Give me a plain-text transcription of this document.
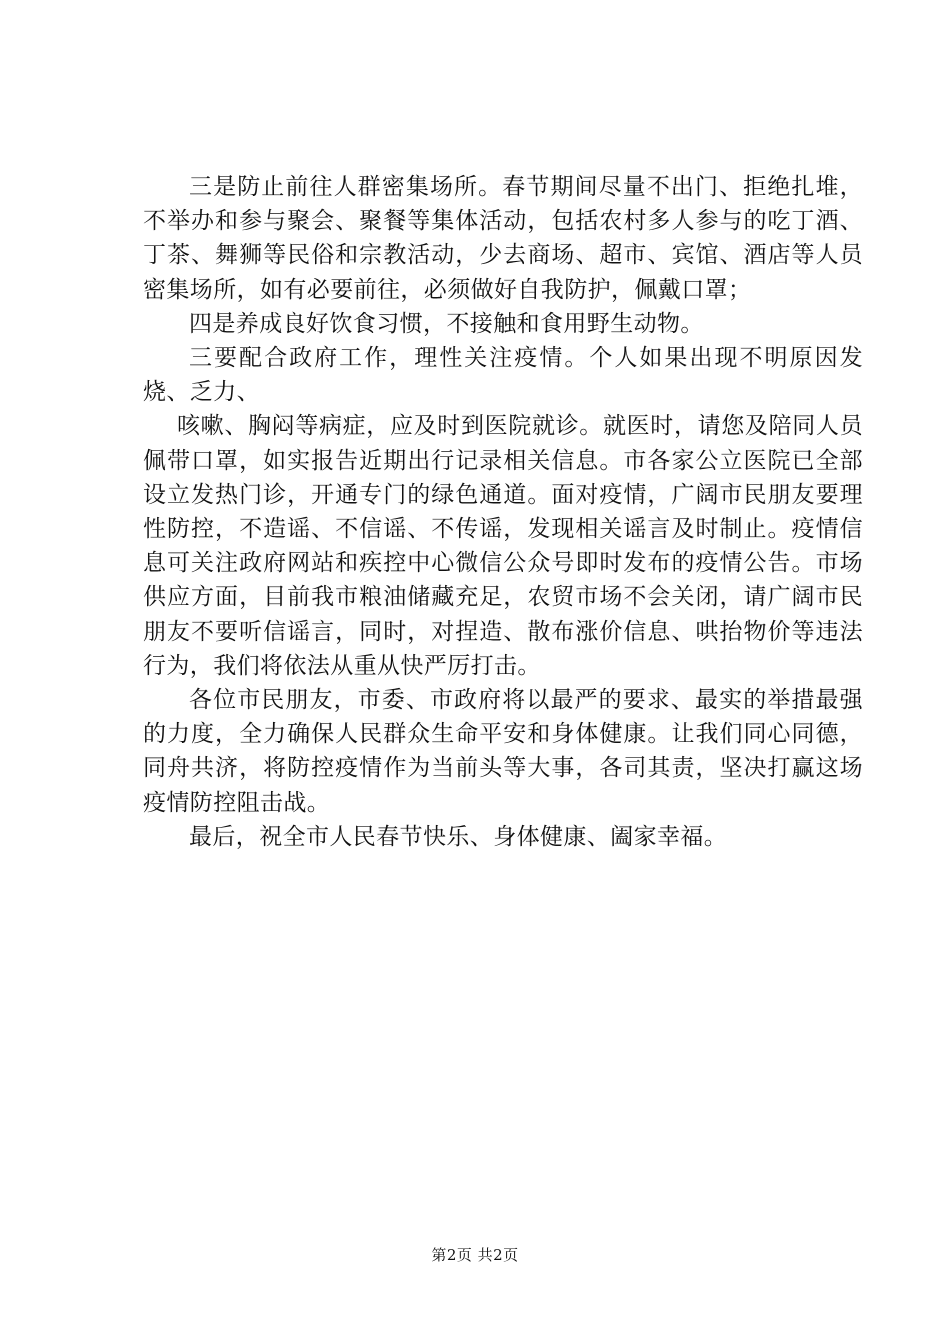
三是防止前往人群密集场所。春节期间尽量不出门、拒绝扎堆，不举办和参与聚会、聚餐等集体活动，包括农村多人参与的吃丁酒、丁茶、舞狮等民俗和宗教活动，少去商场、超市、宾馆、酒店等人员密集场所，如有必要前往，必须做好自我防护，佩戴口罩；

四是养成良好饮食习惯，不接触和食用野生动物。

三要配合政府工作，理性关注疫情。个人如果出现不明原因发烧、乏力、

咳嗽、胸闷等病症，应及时到医院就诊。就医时，请您及陪同人员佩带口罩，如实报告近期出行记录相关信息。市各家公立医院已全部设立发热门诊，开通专门的绿色通道。面对疫情，广阔市民朋友要理性防控，不造谣、不信谣、不传谣，发现相关谣言及时制止。疫情信息可关注政府网站和疾控中心微信公众号即时发布的疫情公告。市场供应方面，目前我市粮油储藏充足，农贸市场不会关闭，请广阔市民朋友不要听信谣言，同时，对捏造、散布涨价信息、哄抬物价等违法行为，我们将依法从重从快严厉打击。

各位市民朋友，市委、市政府将以最严的要求、最实的举措最强的力度，全力确保人民群众生命平安和身体健康。让我们同心同德，同舟共济，将防控疫情作为当前头等大事，各司其责，坚决打赢这场疫情防控阻击战。

最后，祝全市人民春节快乐、身体健康、阖家幸福。

第2页 共2页
